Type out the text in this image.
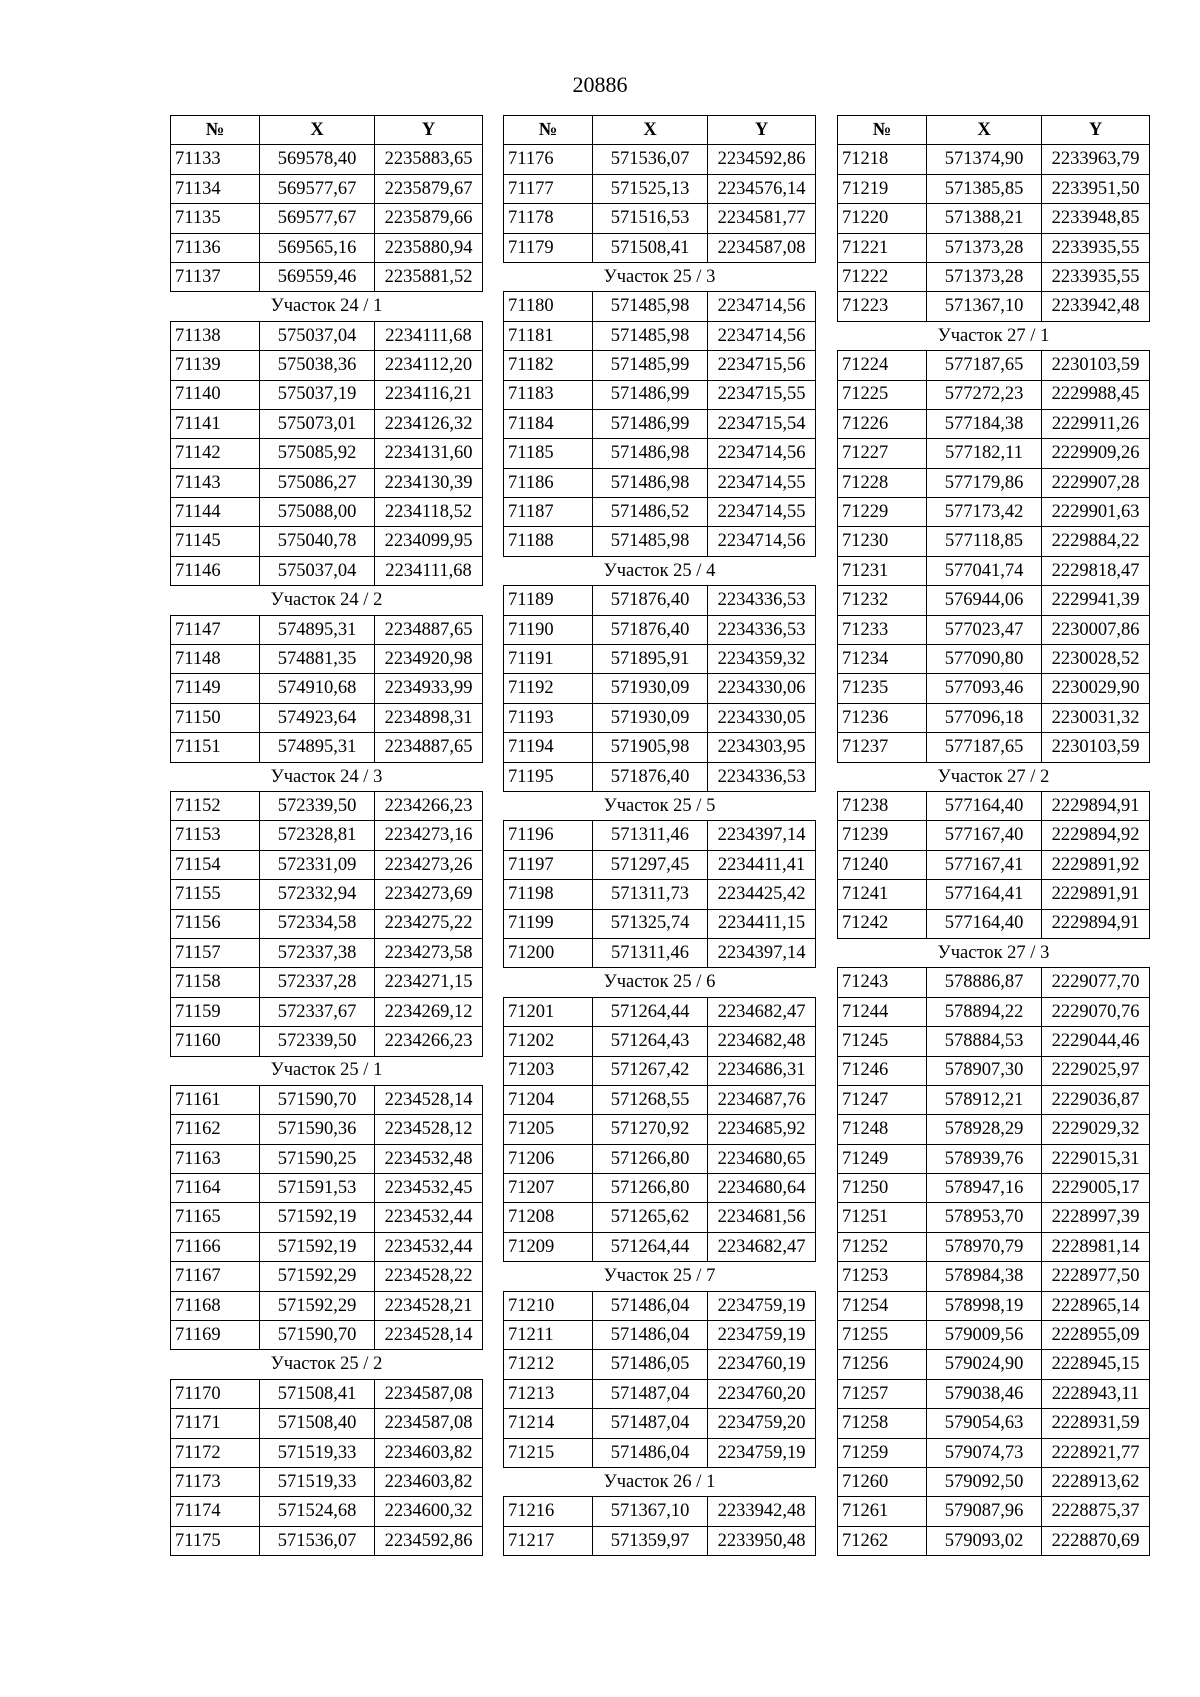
20886
№	X	Y
71133	569578,40	2235883,65
71134	569577,67	2235879,67
71135	569577,67	2235879,66
71136	569565,16	2235880,94
71137	569559,46	2235881,52
Участок 24 / 1		
71138	575037,04	2234111,68
71139	575038,36	2234112,20
71140	575037,19	2234116,21
71141	575073,01	2234126,32
71142	575085,92	2234131,60
71143	575086,27	2234130,39
71144	575088,00	2234118,52
71145	575040,78	2234099,95
71146	575037,04	2234111,68
Участок 24 / 2		
71147	574895,31	2234887,65
71148	574881,35	2234920,98
71149	574910,68	2234933,99
71150	574923,64	2234898,31
71151	574895,31	2234887,65
Участок 24 / 3		
71152	572339,50	2234266,23
71153	572328,81	2234273,16
71154	572331,09	2234273,26
71155	572332,94	2234273,69
71156	572334,58	2234275,22
71157	572337,38	2234273,58
71158	572337,28	2234271,15
71159	572337,67	2234269,12
71160	572339,50	2234266,23
Участок 25 / 1		
71161	571590,70	2234528,14
71162	571590,36	2234528,12
71163	571590,25	2234532,48
71164	571591,53	2234532,45
71165	571592,19	2234532,44
71166	571592,19	2234532,44
71167	571592,29	2234528,22
71168	571592,29	2234528,21
71169	571590,70	2234528,14
Участок 25 / 2		
71170	571508,41	2234587,08
71171	571508,40	2234587,08
71172	571519,33	2234603,82
71173	571519,33	2234603,82
71174	571524,68	2234600,32
71175	571536,07	2234592,86
№	X	Y
71176	571536,07	2234592,86
71177	571525,13	2234576,14
71178	571516,53	2234581,77
71179	571508,41	2234587,08
Участок 25 / 3		
71180	571485,98	2234714,56
71181	571485,98	2234714,56
71182	571485,99	2234715,56
71183	571486,99	2234715,55
71184	571486,99	2234715,54
71185	571486,98	2234714,56
71186	571486,98	2234714,55
71187	571486,52	2234714,55
71188	571485,98	2234714,56
Участок 25 / 4		
71189	571876,40	2234336,53
71190	571876,40	2234336,53
71191	571895,91	2234359,32
71192	571930,09	2234330,06
71193	571930,09	2234330,05
71194	571905,98	2234303,95
71195	571876,40	2234336,53
Участок 25 / 5		
71196	571311,46	2234397,14
71197	571297,45	2234411,41
71198	571311,73	2234425,42
71199	571325,74	2234411,15
71200	571311,46	2234397,14
Участок 25 / 6		
71201	571264,44	2234682,47
71202	571264,43	2234682,48
71203	571267,42	2234686,31
71204	571268,55	2234687,76
71205	571270,92	2234685,92
71206	571266,80	2234680,65
71207	571266,80	2234680,64
71208	571265,62	2234681,56
71209	571264,44	2234682,47
Участок 25 / 7		
71210	571486,04	2234759,19
71211	571486,04	2234759,19
71212	571486,05	2234760,19
71213	571487,04	2234760,20
71214	571487,04	2234759,20
71215	571486,04	2234759,19
Участок 26 / 1		
71216	571367,10	2233942,48
71217	571359,97	2233950,48
№	X	Y
71218	571374,90	2233963,79
71219	571385,85	2233951,50
71220	571388,21	2233948,85
71221	571373,28	2233935,55
71222	571373,28	2233935,55
71223	571367,10	2233942,48
Участок 27 / 1		
71224	577187,65	2230103,59
71225	577272,23	2229988,45
71226	577184,38	2229911,26
71227	577182,11	2229909,26
71228	577179,86	2229907,28
71229	577173,42	2229901,63
71230	577118,85	2229884,22
71231	577041,74	2229818,47
71232	576944,06	2229941,39
71233	577023,47	2230007,86
71234	577090,80	2230028,52
71235	577093,46	2230029,90
71236	577096,18	2230031,32
71237	577187,65	2230103,59
Участок 27 / 2		
71238	577164,40	2229894,91
71239	577167,40	2229894,92
71240	577167,41	2229891,92
71241	577164,41	2229891,91
71242	577164,40	2229894,91
Участок 27 / 3		
71243	578886,87	2229077,70
71244	578894,22	2229070,76
71245	578884,53	2229044,46
71246	578907,30	2229025,97
71247	578912,21	2229036,87
71248	578928,29	2229029,32
71249	578939,76	2229015,31
71250	578947,16	2229005,17
71251	578953,70	2228997,39
71252	578970,79	2228981,14
71253	578984,38	2228977,50
71254	578998,19	2228965,14
71255	579009,56	2228955,09
71256	579024,90	2228945,15
71257	579038,46	2228943,11
71258	579054,63	2228931,59
71259	579074,73	2228921,77
71260	579092,50	2228913,62
71261	579087,96	2228875,37
71262	579093,02	2228870,69
